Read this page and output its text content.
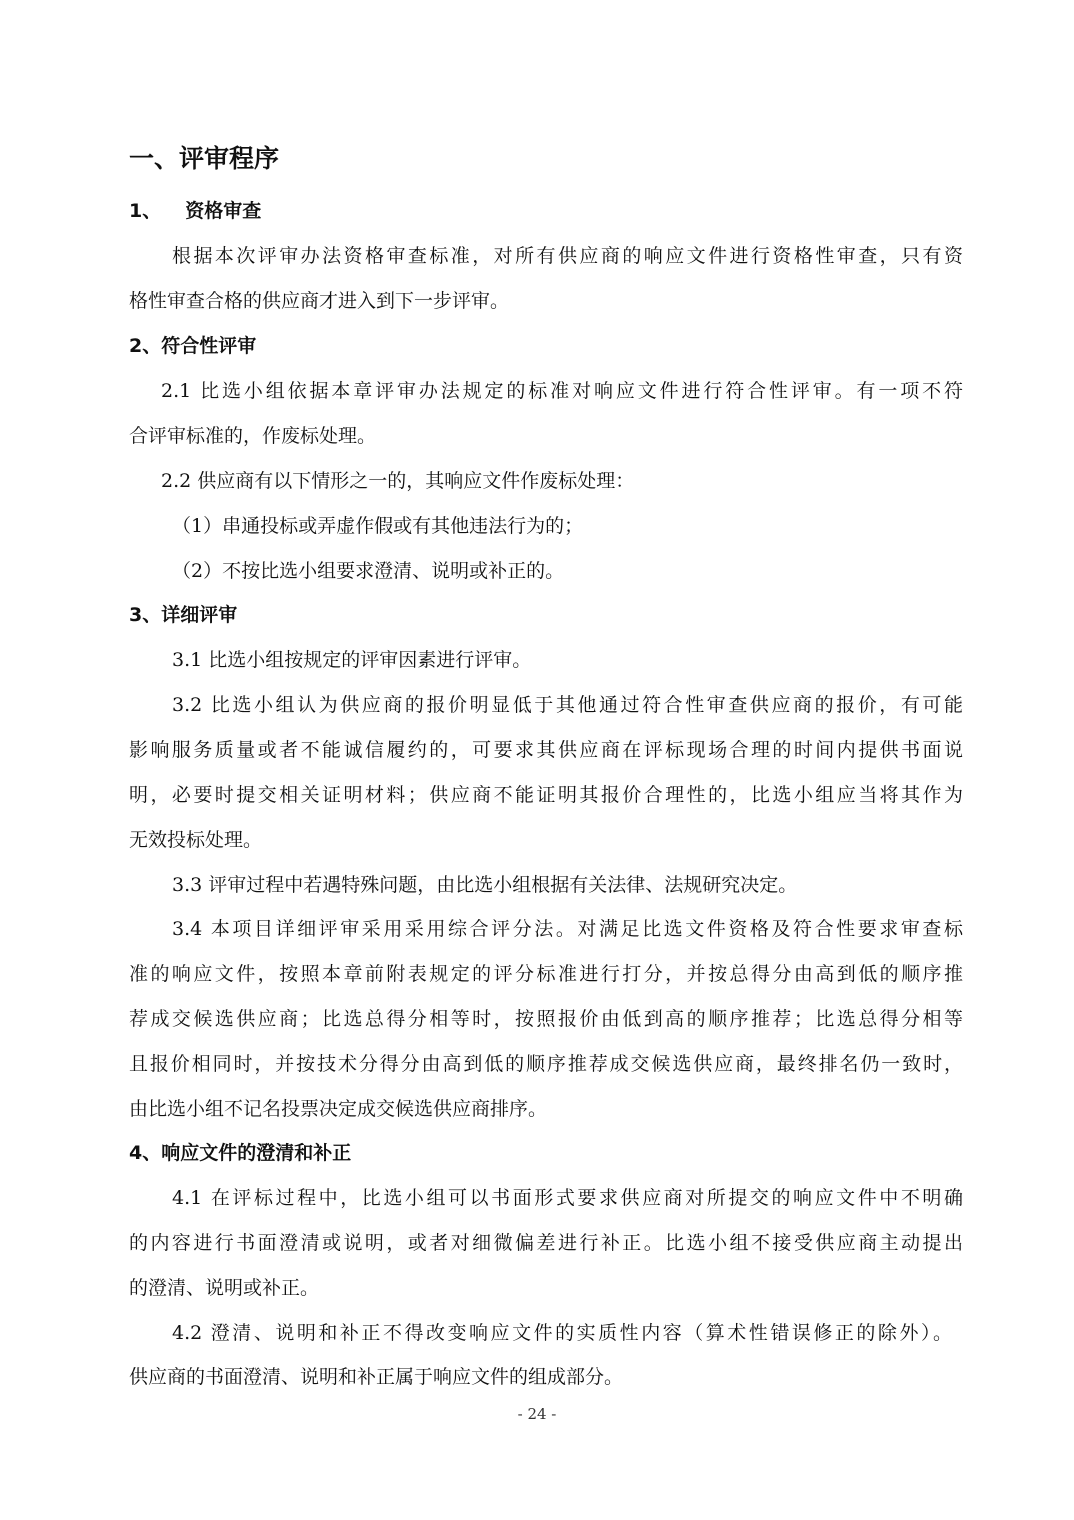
一、评审程序
1、 资格审查
根据本次评审办法资格审查标准，对所有供应商的响应文件进行资格性审查，只有资
格性审查合格的供应商才进入到下一步评审。
2、符合性评审
2.1 比选小组依据本章评审办法规定的标准对响应文件进行符合性评审。有一项不符
合评审标准的，作废标处理。
2.2 供应商有以下情形之一的，其响应文件作废标处理：
（1）串通投标或弄虚作假或有其他违法行为的；
（2）不按比选小组要求澄清、说明或补正的。
3、详细评审
3.1 比选小组按规定的评审因素进行评审。
3.2 比选小组认为供应商的报价明显低于其他通过符合性审查供应商的报价，有可能
影响服务质量或者不能诚信履约的，可要求其供应商在评标现场合理的时间内提供书面说
明，必要时提交相关证明材料；供应商不能证明其报价合理性的，比选小组应当将其作为
无效投标处理。
3.3 评审过程中若遇特殊问题，由比选小组根据有关法律、法规研究决定。
3.4 本项目详细评审采用采用综合评分法。对满足比选文件资格及符合性要求审查标
准的响应文件，按照本章前附表规定的评分标准进行打分，并按总得分由高到低的顺序推
荐成交候选供应商；比选总得分相等时，按照报价由低到高的顺序推荐；比选总得分相等
且报价相同时，并按技术分得分由高到低的顺序推荐成交候选供应商，最终排名仍一致时，
由比选小组不记名投票决定成交候选供应商排序。
4、响应文件的澄清和补正
4.1 在评标过程中，比选小组可以书面形式要求供应商对所提交的响应文件中不明确
的内容进行书面澄清或说明，或者对细微偏差进行补正。比选小组不接受供应商主动提出
的澄清、说明或补正。
4.2 澄清、说明和补正不得改变响应文件的实质性内容（算术性错误修正的除外）。
供应商的书面澄清、说明和补正属于响应文件的组成部分。
- 24 -
